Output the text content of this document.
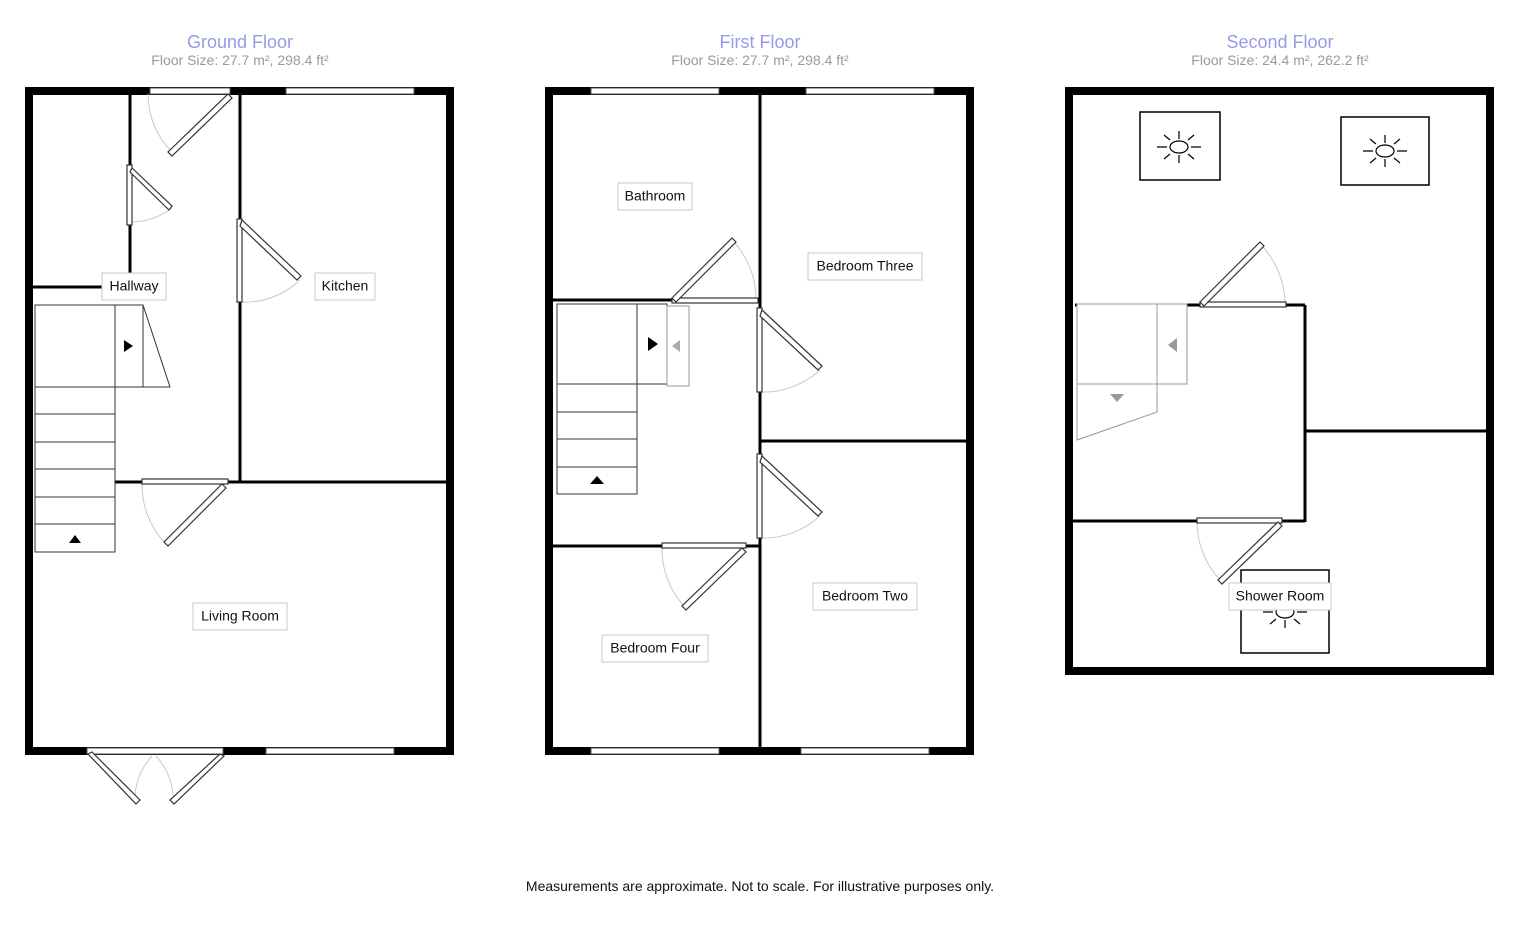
Ground Floor
Floor Size: 27.7 m², 298.4 ft²
Hallway	Kitchen
Living Room
First Floor
Floor Size: 27.7 m², 298.4 ft²
Bathroom
Bedroom Three
Bedroom Two
Bedroom Four
Second Floor
Floor Size: 24.4 m², 262.2 ft²
Shower Room
Measurements are approximate. Not to scale. For illustrative purposes only.
